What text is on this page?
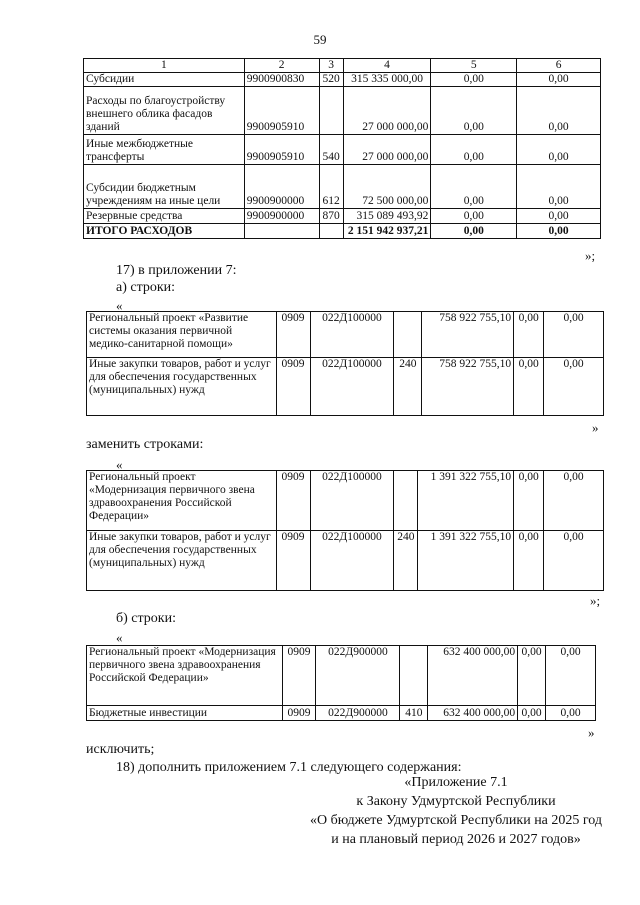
59
1	2	3	4	5	6
Субсидии	9900900830	520	315 335 000,00	0,00	0,00
Расходы по благоустройству внешнего облика фасадов зданий	9900905910		27 000 000,00	0,00	0,00
Иные межбюджетные трансферты	9900905910	540	27 000 000,00	0,00	0,00
Субсидии бюджетным учреждениям на иные цели	9900900000	612	72 500 000,00	0,00	0,00
Резервные средства	9900900000	870	315 089 493,92	0,00	0,00
ИТОГО РАСХОДОВ			2 151 942 937,21	0,00	0,00
»;
17) в приложении 7:
а) строки:
«
Региональный проект «Развитие системы оказания первичной медико-санитарной помощи»	0909	022Д100000		758 922 755,10	0,00	0,00
Иные закупки товаров, работ и услуг для обеспечения государственных (муниципальных) нужд	0909	022Д100000	240	758 922 755,10	0,00	0,00
»
заменить строками:
«
Региональный проект «Модернизация первичного звена здравоохранения Российской Федерации»	0909	022Д100000		1 391 322 755,10	0,00	0,00
Иные закупки товаров, работ и услуг для обеспечения государственных (муниципальных) нужд	0909	022Д100000	240	1 391 322 755,10	0,00	0,00
»;
б) строки:
«
Региональный проект «Модернизация первичного звена здравоохранения Российской Федерации»	0909	022Д900000		632 400 000,00	0,00	0,00
Бюджетные инвестиции	0909	022Д900000	410	632 400 000,00	0,00	0,00
»
исключить;
18) дополнить приложением 7.1 следующего содержания:
«Приложение 7.1
к Закону Удмуртской Республики
«О бюджете Удмуртской Республики на 2025 год
и на плановый период 2026 и 2027 годов»
